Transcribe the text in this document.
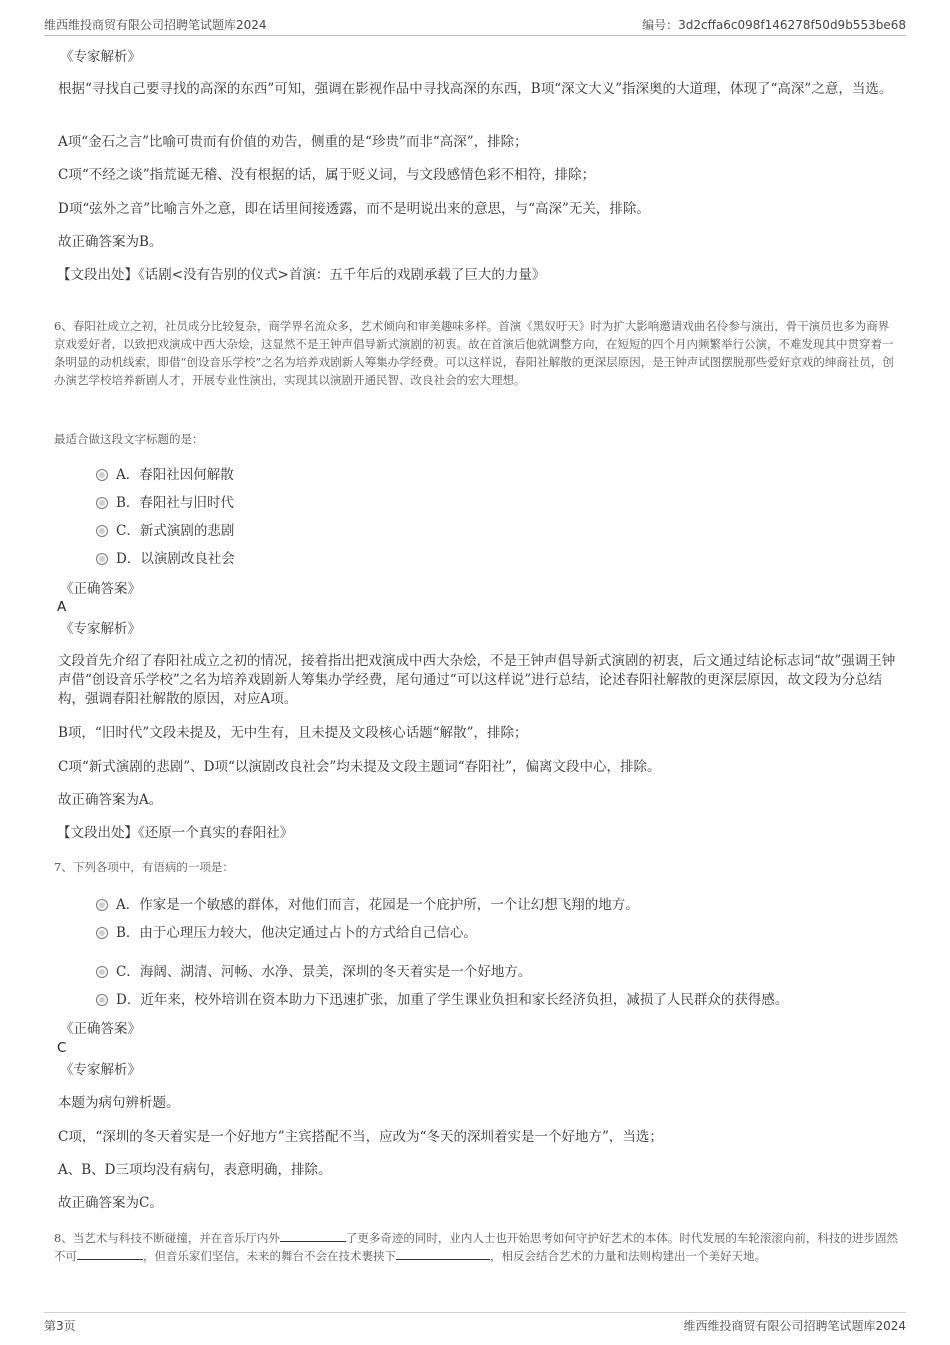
维西维投商贸有限公司招聘笔试题库2024	编号：3d2cffa6c098f146278f50d9b553be68
《专家解析》
根据“寻找自己要寻找的高深的东西”可知，强调在影视作品中寻找高深的东西，B项“深文大义”指深奥的大道理，体现了“高深”之意，当选。
A项“金石之言”比喻可贵而有价值的劝告，侧重的是“珍贵”而非“高深”，排除；
C项“不经之谈”指荒诞无稽、没有根据的话，属于贬义词，与文段感情色彩不相符，排除；
D项“弦外之音”比喻言外之意，即在话里间接透露，而不是明说出来的意思，与“高深”无关，排除。
故正确答案为B。
【文段出处】《话剧<没有告别的仪式>首演：五千年后的戏剧承载了巨大的力量》
6、春阳社成立之初，社员成分比较复杂，商学界名流众多，艺术倾向和审美趣味多样。首演《黑奴吁天》时为扩大影响邀请戏曲名伶参与演出，骨干演员也多为商界京戏爱好者，以致把戏演成中西大杂烩，这显然不是王钟声倡导新式演剧的初衷。故在首演后他就调整方向，在短短的四个月内频繁举行公演，不难发现其中贯穿着一条明显的动机线索，即借“创设音乐学校”之名为培养戏剧新人筹集办学经费。可以这样说，春阳社解散的更深层原因，是王钟声试图摆脱那些爱好京戏的绅商社员，创办演艺学校培养新剧人才，开展专业性演出，实现其以演剧开通民智、改良社会的宏大理想。
最适合做这段文字标题的是：
A．春阳社因何解散
B．春阳社与旧时代
C．新式演剧的悲剧
D．以演剧改良社会
《正确答案》
A
《专家解析》
文段首先介绍了春阳社成立之初的情况，接着指出把戏演成中西大杂烩，不是王钟声倡导新式演剧的初衷，后文通过结论标志词“故”强调王钟声借“创设音乐学校”之名为培养戏剧新人筹集办学经费，尾句通过“可以这样说”进行总结，论述春阳社解散的更深层原因，故文段为分总结构，强调春阳社解散的原因，对应A项。
B项，“旧时代”文段未提及，无中生有，且未提及文段核心话题“解散”，排除；
C项“新式演剧的悲剧”、D项“以演剧改良社会”均未提及文段主题词“春阳社”，偏离文段中心，排除。
故正确答案为A。
【文段出处】《还原一个真实的春阳社》
7、下列各项中，有语病的一项是：
A．作家是一个敏感的群体，对他们而言，花园是一个庇护所，一个让幻想飞翔的地方。
B．由于心理压力较大，他决定通过占卜的方式给自己信心。
C．海阔、湖清、河畅、水净、景美，深圳的冬天着实是一个好地方。
D．近年来，校外培训在资本助力下迅速扩张，加重了学生课业负担和家长经济负担，减损了人民群众的获得感。
《正确答案》
C
《专家解析》
本题为病句辨析题。
C项，“深圳的冬天着实是一个好地方”主宾搭配不当，应改为“冬天的深圳着实是一个好地方”，当选；
A、B、D三项均没有病句，表意明确，排除。
故正确答案为C。
8、当艺术与科技不断碰撞，并在音乐厅内外	了更多奇迹的同时，业内人士也开始思考如何守护好艺术的本体。时代发展的车轮滚滚向前，科技的进步固然不可	，但音乐家们坚信，未来的舞台不会在技术裹挟下	，相反会结合艺术的力量和法则构建出一个美好天地。
第3页	维西维投商贸有限公司招聘笔试题库2024
